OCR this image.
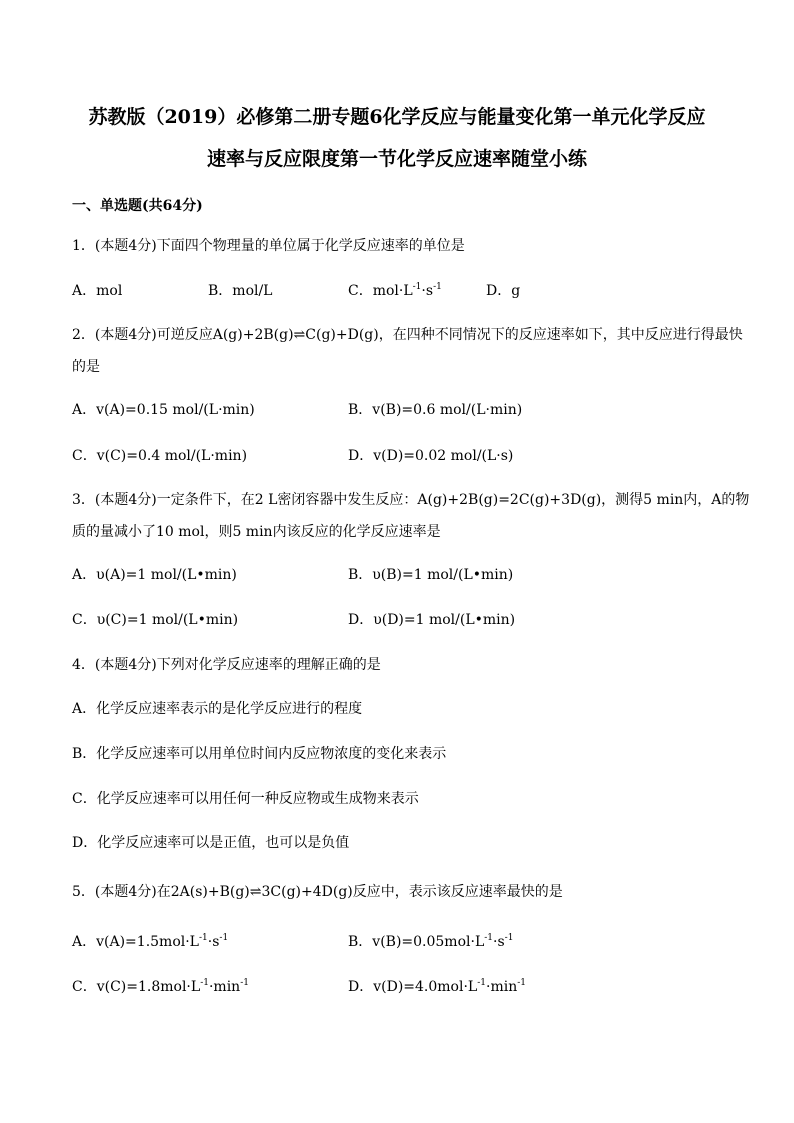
苏教版（2019）必修第二册专题6化学反应与能量变化第一单元化学反应
速率与反应限度第一节化学反应速率随堂小练
一、单选题(共64分)
1．(本题4分)下面四个物理量的单位属于化学反应速率的单位是
A．mol	B．mol/L	C．$mol\cdot L^{-1}\cdot s^{-1}$	D．g
2．(本题4分)可逆反应A(g)+2B(g)⇌C(g)+D(g)，在四种不同情况下的反应速率如下，其中反应进行得最快
的是
A．v(A)=0.15 mol/(L·min)	B．v(B)=0.6 mol/(L·min)
C．v(C)=0.4 mol/(L·min)	D．v(D)=0.02 mol/(L·s)
3．(本题4分)一定条件下，在2 L密闭容器中发生反应：A(g)+2B(g)=2C(g)+3D(g)，测得5 min内，A的物
质的量减小了10 mol，则5 min内该反应的化学反应速率是
A．υ(A)=1 mol/(L•min)	B．υ(B)=1 mol/(L•min)
C．υ(C)=1 mol/(L•min)	D．υ(D)=1 mol/(L•min)
4．(本题4分)下列对化学反应速率的理解正确的是
A．化学反应速率表示的是化学反应进行的程度
B．化学反应速率可以用单位时间内反应物浓度的变化来表示
C．化学反应速率可以用任何一种反应物或生成物来表示
D．化学反应速率可以是正值，也可以是负值
5．(本题4分)在2A(s)+B(g)⇌3C(g)+4D(g)反应中，表示该反应速率最快的是
A．$v(A)=1.5mol\cdot L^{-1}\cdot s^{-1}$	B．$v(B)=0.05mol\cdot L^{-1}\cdot s^{-1}$
C．$v(C)=1.8mol\cdot L^{-1}\cdot\min^{-1}$	D．$v(D)=4.0mol\cdot L^{-1}\cdot\min^{-1}$
